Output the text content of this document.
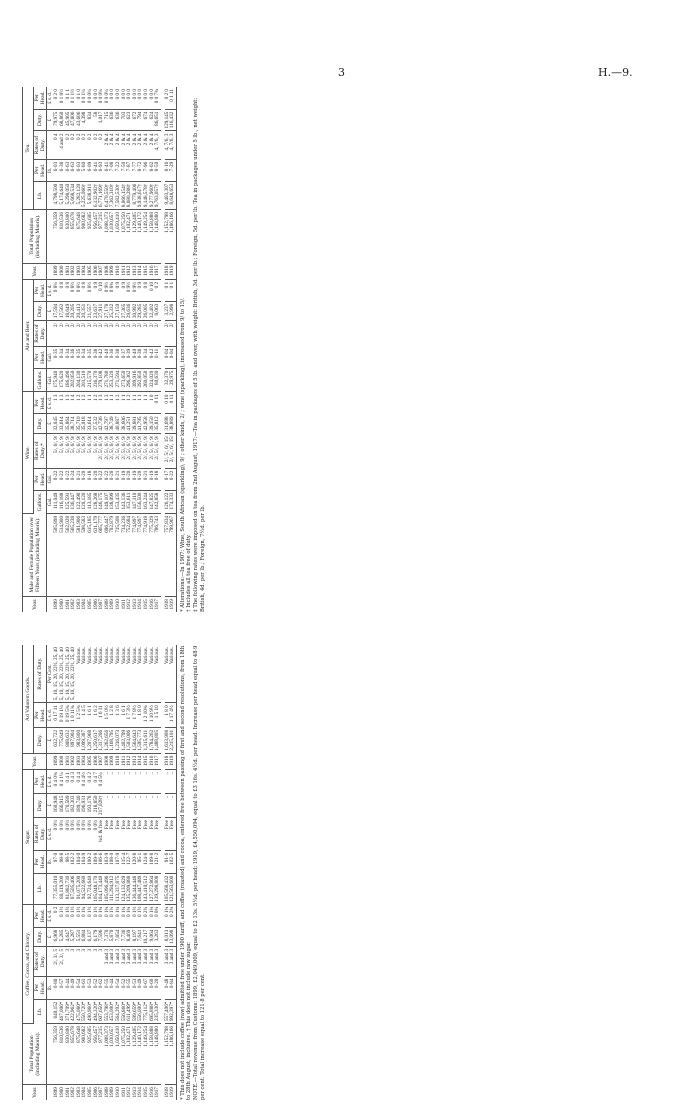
3	H.—9.
Year.	Male and Female Population over Fifteen Years (including Maoris).	Wine.					Ale and Beer.					Year.	Total Population (including Maoris).	Tea.				
		Gallons.	Per Head.	Rates of Duty.*	Duty.	Per Head.	Gallons.	Per Head.	Rates of Duty.	Duty.	Per Head.			Lb.	Per Head.	Rates of Duty.	Duty.	Per Head.
		Gal.	Gal.		£	£ s. d.	Gal.	Gal.		£	£ s. d.				lb.		£	£ s. d.
1899	505,899	111,049	0·22	5/, 6/, 9/	32,045	1 3	175,940	0·35	2/	17,594	0 8¼	1899	756,359	4,798,500	6·03	0 4	79,975	0 2 0
1900	514,900	116,188	0·22	5/, 6/, 9/	33,614	1 3	175,620	0·34	2/	17,562	0 8	1900	810,536	5,174,640	6·38	4 and 2	68,860	0 1 8½
1901	562,028	125,591	0·22	5/, 6/, 9/	35,864	1 3	186,490	0·34	2/	18,649	0 8	1901	830,800	5,298,050	6·63	0 2	45,905	0 1 1
1902	565,238	136,447	0·24	5/, 6/, 9/	38,714	1 4	202,050	0·36	2/	20,205	0 8½	1902	855,678	5,668,534	6·63	0 2	47,806	0 1 1½
1903	581,906	122,490	0·21	5/, 6/, 9/	35,710	1 2	204,130	0·35	2/	20,413	0 8½	1903	875,648	5,282,120	6·03	0 2	43,606	0 1 0
1904	598,583	120,120	0·20	5/, 6/, 9/	35,018	1 2	203,510	0·34	2/	20,351	0 8	1904	900,682	5,225,066†	5·80	0 2	4,398	0 0 1¼
1905	615,185	113,185	0·18	5/, 6/, 9/	33,614	1 1	215,570	0·35	2/	21,557	0 8½	1905	925,605	5,638,911	6·09	0 2	834	0 0 0¼
1906	631,179	128,268	0·20	5/, 6/, 9/	37,532	1 2	236,370	0·38	2/	23,637	0 9	1906	956,457	6,132,902†	6·41	0 2	58	0 0 0
1907	665,777	146,175	0·22	2/, 5/, 6/, 9/	42,736	1 3	279,108	0·42	2/	27,911	0 10	1907	977,215	6,771,169†	6·93	0 2	1,017	0 0 0¼
1908	696,447	149,107	0·22	2/, 5/, 6/, 9/	42,797	1 3	271,780	0·40	2/	27,178	0 9½	1908	1,008,373	6,470,550†	6·41	2 & 4	715	0 0 0¼
1909	702,879	138,099	0·20	2/, 5/, 6/, 9/	38,749	1 1	253,320	0·36	2/	25,332	0 8¾	1909	1,030,657	7,362,310†	7·08	2 & 4	636	0 0 0
1910	715,508	153,435	0·21	2/, 5/, 6/, 9/	40,887	1 2	271,594	0·38	2/	27,159	0 9	1910	1,050,410	7,582,530†	7·22	2 & 4	636	0 0 0
1911	734,236	143,136	0·19	2/, 5/, 6/, 9/	38,606	1 1	273,650	0·37	2/	27,365	0 9	1911	1,075,250	8,066,154†	7·50	2 & 4	703	0 0 0
1912	752,684	153,611	0·20	2/, 5/, 6/, 9/	41,251	1 2	296,362	0·39	2/	29,636	0 9½	1912	1,102,471	8,680,288†	7·87	2 & 4	623	0 0 0
1913	774,897	147,110	0·19	2/, 5/, 6/, 9/	39,881	1 1	309,916	0·40	2/	30,992	0 9½	1913	1,129,405	8,770,406	7·77	2 & 4	672	0 0 0
1914	774,897	156,500	0·20	2/, 5/, 6/, 9/	41,795	1 1	292,850	0·38	2/	29,285	0 9	1914	1,140,172	9,938,617†	8·72	2 & 4	794	0 0 0
1915	774,918	163,244	0·21	2/, 5/, 6/, 9/	42,958	1 1	260,050	0·34	2/	26,005	0 8	1915	1,149,254	9,148,578†	7·96	2 & 4	674	0 0 0
1916	775,329	147,825	0·19	2/, 5/, 6/, 9/	39,150	1 0	324,020	0·42	2/	32,402	0 10	1916	1,158,888	9,277,960†	8·02	2 & 4	624	0 0 0
1917	786,743	142,858	0·18	2/, 5/, 6/, 9/	35,812	0 11	80,630	0·11	2/	8,063	0 2	1917	1,148,880	9,763,057†	8·50	4, 7/6, 3	86,651	0 0 7¾

1918	757,834	126,122	0·17	2/, 5/, 6/, 15/	31,698	0 10	32,370	0·04	2/	3,237	0 1	1918	1,152,798	9,403,307	8·16	4, 7/6, 3	129,145	0 2 0
1919	799,967	174,333	0·22	2/, 5/, 6/, 15/	38,889	0 11	29,975	0·04	2/	2,998	0 1	1919	1,186,166	8,648,653	7·29	4, 7/6, 3	116,432	0 1 11

* Alterations:—In 1907: Wine, South African (sparkling), 9/ ; other kinds, 2/ ; wine (sparkling), increased from 9/ to 15/. † Includes all tea free of duty. ‡ The following rates were imposed on tea from 2nd August, 1917:—Tea in packages of 5 lb. and over, with weight: British, 3d. per lb.; Foreign, 5d. per lb. Tea in packages under 5 lb., net weight: British, 4d. per lb.; Foreign, 7½d. per lb.

Year.	Total Population (including Maoris).	Coffee, Cocoa, and Chicory.					Sugar.					Year.	Ad Valorem Goods.		
		Lb.	Per Head.	Rates of Duty.	Duty.	Per Head.	Lb.	Per Head.	Rates of Duty.	Duty.	Per Head.		Duty.	Per Head.	Rates of Duty.
			lb.		£	£ s. d.		lb.	£ s. d.	£	£ s. d.		£	£ s. d.	Per Cent.
1899	756,359	640,152	0·80	2/, 3/, 5	6,968	0 2	77,355,010	97·0	0 0½	160,948	0 4 0¾	1899	632,722	0 17 11	5, 10, 15, 20, 22½, 25, 40
1900	810,536	467,006*	0·57	2/, 3/, 5	5,285	0 1½	80,119,200	98·8	0 0½	166,915	0 4 1¼	1900	775,649	0 19 1¼	5, 10, 15, 20, 22½, 25, 40
1901	830,800	371,709*	0·44	3	4,647	0 1½	81,882,730	98·5	0 0½	170,589	0 4 1	1901	808,632	0 19 5¾	5, 10, 15, 20, 22½, 25, 40
1902	855,678	422,962*	0·49	3	5,287	0 1½	87,505,406	102·2	0 0½	182,303	0 4 3	1902	897,904	1 0 11¾	5, 10, 15, 20, 22½, 25, 40
1903	875,648	475,080*	0·54	3	5,551	0 1½	91,075,200	104·0	0 0½	189,740	0 4 4	1903	983,800	1 2 5¾	Various.
1904	900,682	550,720*	0·61	3	6,884	0 1¾	94,522,680	104·9	0 0½	196,931	0 4 4½	1904	1,099,387	1 4 5	Various.
1905	925,605	490,960*	0·53	3	6,137	0 1½	92,724,640	100·2	0 0½	193,178	0 4 2	1905	1,207,968	1 6 1	Various.
1906	956,457	494,320*	0·52	3	6,179	0 1½	105,048,170	109·8	0 0½	218,850	0 4 7	1906	1,250,617	1 6 2	Various.
1907	977,215	607,650*	0·62	3	7,596	0 1¾	104,173,440	106·6	¼d. & free	217,028†	0 4 5¼	1907	1,317,206	1 6 11	Various.
1908	1,008,373	553,798*	0·55	3 and 3	7,370	0 1¾	105,096,496	103·9	Free	..	..	1908	1,262,656	1 5 0½	Various.
1909	1,030,657	453,000*	0·44	3 and 3	5,870	0 1¼	111,294,912	108·0	Free	..	..	1909	1,168,795	1 2 8	Various.
1910	1,050,410	564,202*	0·54	3 and 3	7,854	0 1¾	113,337,875	107·9	Free	..	..	1910	1,236,073	1 3 6	Various.
1911	1,075,250	556,860*	0·52	3 and 3	7,736	0 1¾	124,132,629	115·4	Free	..	..	1911	1,402,799	1 6 1	Various.
1912	1,102,471	611,499*	0·55	3 and 3	8,469	0 1¾	135,209,888	122·7	Free	..	..	1912	1,503,006	1 7 3½	Various.
1913	1,129,405	599,659*	0·53	3 and 3	8,197	0 1½	136,444,448	120·8	Free	..	..	1913	1,564,643	1 7 8½	Various.
1914	1,140,172	556,000*	0·49	3 and 3	7,641	0 1½	108,447,489	95·1	Free	..	..	1914	1,595,773	1 8 0	Various.
1915	1,149,254	775,112*	0·67	3 and 3	10,217	0 2¼	143,410,512	124·8	Free	..	..	1915	1,315,611	1 2 10¾	Various.
1916	1,158,888	695,888*	0·60	3 and 3	9,064	0 1¾	127,272,864	109·8	Free	..	..	1916	1,784,262	1 10 9½	Various.
1917	1,148,880	235,330*	0·20	3 and 3	3,263	0 0¾	139,298,808	121·2	Free	..	..	1917	1,488,805	1 5 10	Various.

1918	1,152,798	557,406*	0·48	3 and 3	8,013	0 1¾	105,568,432	91·6	Free	..	..	1918	1,613,908	1 8 0	Various.
1919	1,186,166	992,397*	0·84	3 and 3	13,098	0 2¾	121,563,600	102·5	Free	..	..	1919	2,215,101	1 17 4½	Various. * This does not include coffee (raw) admitted free under 1900 tariff, and coffee (roasted) and cocoa, entered free between passing of first and second resolutions, from 18th to 28th August, inclusive. † This does not include raw sugar. NOTE.—Total revenue from Customs: 1899, £2,049,009, equal to £2 13s. 5¼d. per head; 1919, £4,550,094, equal to £3 16s. 4½d. per head. Increase per head equal to 48·9 per cent. Total increase equal to 121·8 per cent.
